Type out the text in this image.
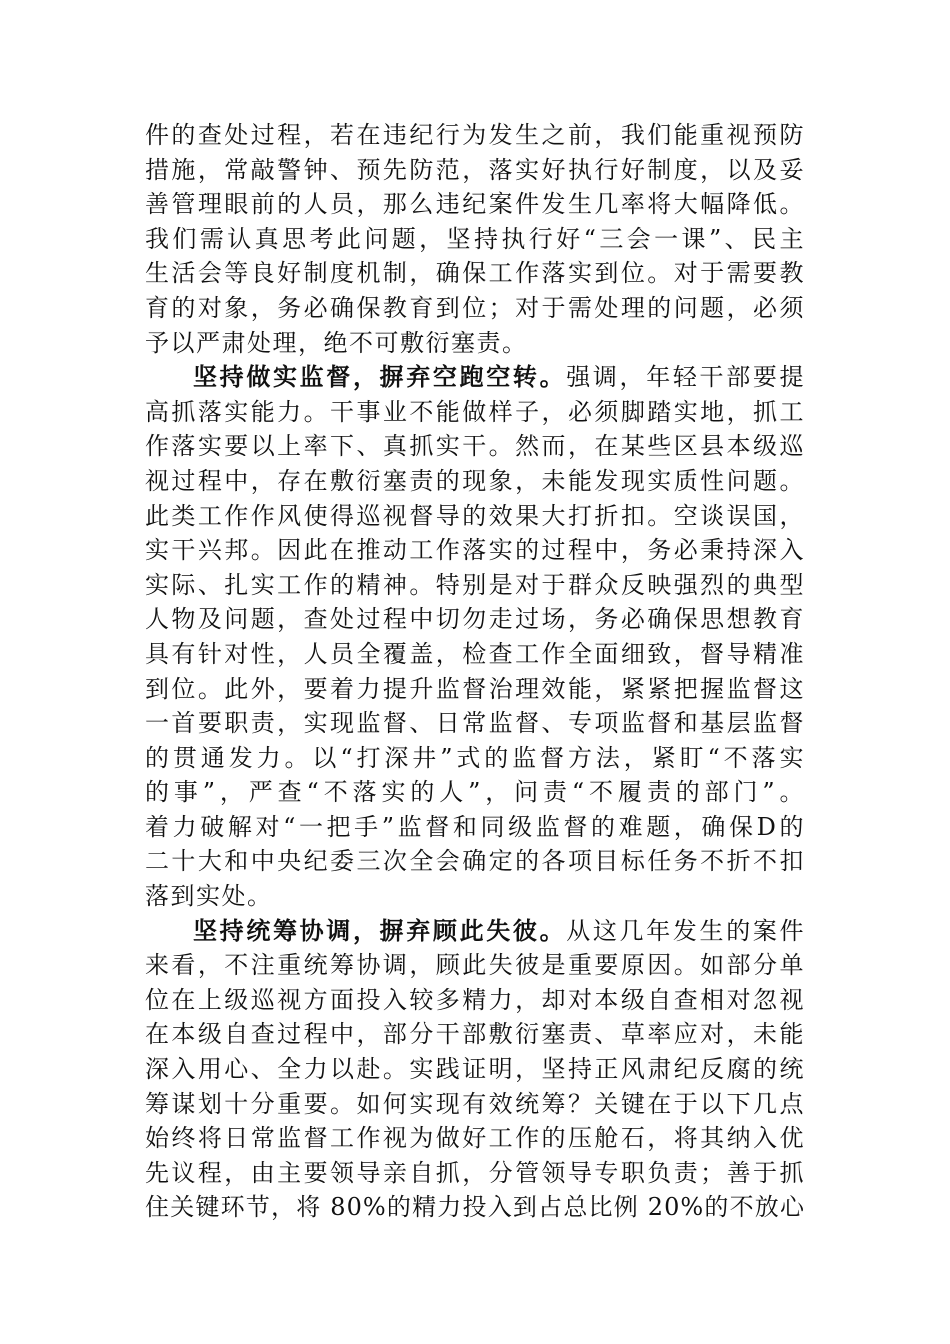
件的查处过程，若在违纪行为发生之前，我们能重视预防
措施，常敲警钟、预先防范，落实好执行好制度，以及妥
善管理眼前的人员，那么违纪案件发生几率将大幅降低。
我们需认真思考此问题，坚持执行好“三会一课”、民主
生活会等良好制度机制，确保工作落实到位。对于需要教
育的对象，务必确保教育到位；对于需处理的问题，必须
予以严肃处理，绝不可敷衍塞责。
坚持做实监督，摒弃空跑空转。强调，年轻干部要提
高抓落实能力。干事业不能做样子，必须脚踏实地，抓工
作落实要以上率下、真抓实干。然而，在某些区县本级巡
视过程中，存在敷衍塞责的现象，未能发现实质性问题。
此类工作作风使得巡视督导的效果大打折扣。空谈误国，
实干兴邦。因此在推动工作落实的过程中，务必秉持深入
实际、扎实工作的精神。特别是对于群众反映强烈的典型
人物及问题，查处过程中切勿走过场，务必确保思想教育
具有针对性，人员全覆盖，检查工作全面细致，督导精准
到位。此外，要着力提升监督治理效能，紧紧把握监督这
一首要职责，实现监督、日常监督、专项监督和基层监督
的贯通发力。以“打深井”式的监督方法，紧盯“不落实
的事”，严查“不落实的人”，问责“不履责的部门”。
着力破解对“一把手”监督和同级监督的难题，确保D的
二十大和中央纪委三次全会确定的各项目标任务不折不扣
落到实处。
坚持统筹协调，摒弃顾此失彼。从这几年发生的案件
来看，不注重统筹协调，顾此失彼是重要原因。如部分单
位在上级巡视方面投入较多精力，却对本级自查相对忽视
在本级自查过程中，部分干部敷衍塞责、草率应对，未能
深入用心、全力以赴。实践证明，坚持正风肃纪反腐的统
筹谋划十分重要。如何实现有效统筹？关键在于以下几点
始终将日常监督工作视为做好工作的压舱石，将其纳入优
先议程，由主要领导亲自抓，分管领导专职负责；善于抓
住关键环节，将 80%的精力投入到占总比例 20%的不放心
